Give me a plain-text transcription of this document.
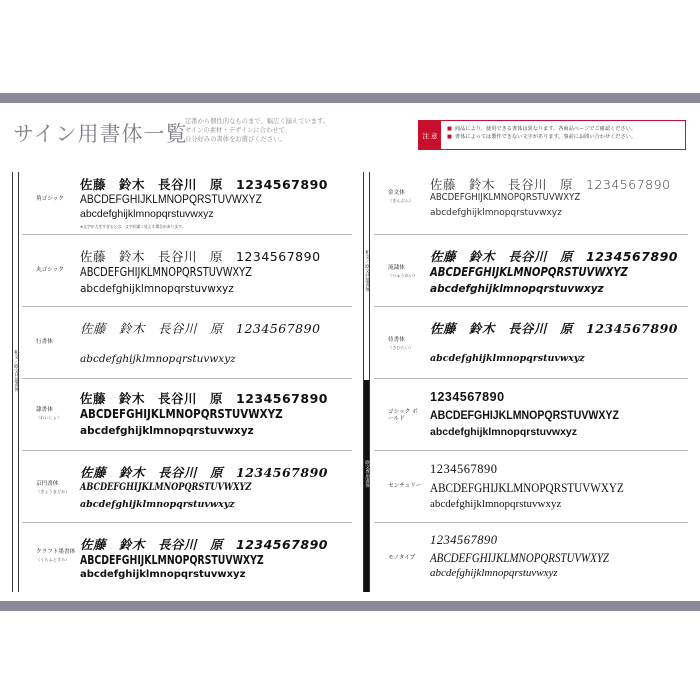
サイン用書体一覧
定番から個性的なものまで、幅広く揃えています。
サインの素材・デザインに合わせて、
自分好みの書体をお選びください。	注 意
■ 商品により、使用できる書体は異なります。各商品ページでご確認ください。
■ 書体によっては製作できない文字があります。事前にお問い合わせください。
和文／欧文共通書体
和文／欧文共通書体
欧文専用書体
角ゴシック
佐藤　鈴木　長谷川　原　1234567890
ABCDEFGHIJKLMNOPQRSTUVWXYZ
abcdefghijklmnopqrstuvwxyz
※文字が大きすぎるとは、文字が細く見える場合があります。
丸ゴシック
佐藤　鈴木　長谷川　原　1234567890
ABCDEFGHIJKLMNOPQRSTUVWXYZ
abcdefghijklmnopqrstuvwxyz
行書体
佐藤　鈴木　長谷川　原　1234567890
abcdefghijklmnopqrstuvwxyz
隷書体
（れいしょ）
佐藤　鈴木　長谷川　原　1234567890
ABCDEFGHIJKLMNOPQRSTUVWXYZ
abcdefghijklmnopqrstuvwxyz
京円書体
（きょうまどか）
佐藤　鈴木　長谷川　原　1234567890
ABCDEFGHIJKLMNOPQRSTUVWXYZ
abcdefghijklmnopqrstuvwxyz
クラフト墨書体
（くらふとすみ）
佐藤　鈴木　長谷川　原　1234567890
ABCDEFGHIJKLMNOPQRSTUVWXYZ
abcdefghijklmnopqrstuvwxyz
金文体
（きんぶん）
佐藤　鈴木　長谷川　原　1234567890
ABCDEFGHIJKLMNOPQRSTUVWXYZ
abcdefghijklmnopqrstuvwxyz
流隷体
（りゅうれい）
佐藤　鈴木　長谷川　原　1234567890
ABCDEFGHIJKLMNOPQRSTUVWXYZ
abcdefghijklmnopqrstuvwxyz
侍書体
（さむらい）
佐藤　鈴木　長谷川　原　1234567890
abcdefghijklmnopqrstuvwxyz
ゴシック ボールド
1234567890
ABCDEFGHIJKLMNOPQRSTUVWXYZ
abcdefghijklmnopqrstuvwxyz
センチュリー
1234567890
ABCDEFGHIJKLMNOPQRSTUVWXYZ
abcdefghijklmnopqrstuvwxyz
モノタイプ
1234567890
ABCDEFGHIJKLMNOPQRSTUVWXYZ
abcdefghijklmnopqrstuvwxyz
